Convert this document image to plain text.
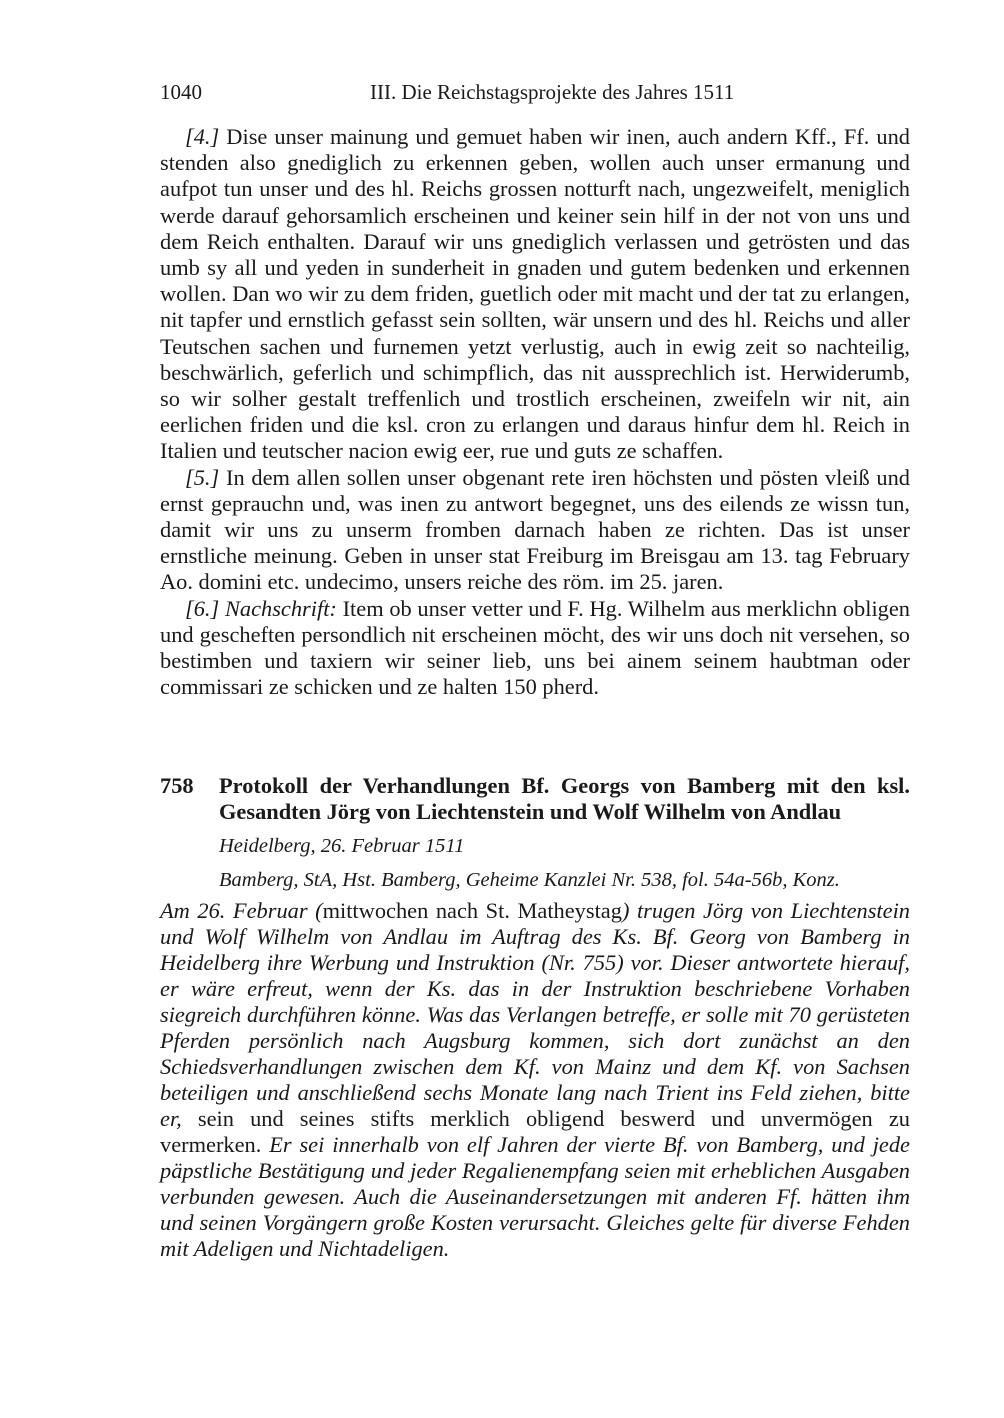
1040	III. Die Reichstagsprojekte des Jahres 1511

[4.] Dise unser mainung und gemuet haben wir inen, auch andern Kff., Ff. und stenden also gnediglich zu erkennen geben, wollen auch unser ermanung und aufpot tun unser und des hl. Reichs grossen notturft nach, ungezweifelt, meniglich werde darauf gehorsamlich erscheinen und keiner sein hilf in der not von uns und dem Reich enthalten. Darauf wir uns gnediglich verlassen und getrösten und das umb sy all und yeden in sunderheit in gnaden und gutem bedenken und erkennen wollen. Dan wo wir zu dem friden, guetlich oder mit macht und der tat zu erlangen, nit tapfer und ernstlich gefasst sein sollten, wär unsern und des hl. Reichs und aller Teutschen sachen und furnemen yetzt verlustig, auch in ewig zeit so nachteilig, beschwärlich, geferlich und schimpflich, das nit aussprechlich ist. Herwiderumb, so wir solher gestalt treffenlich und trostlich erscheinen, zweifeln wir nit, ain eerlichen friden und die ksl. cron zu erlangen und daraus hinfur dem hl. Reich in Italien und teutscher nacion ewig eer, rue und guts ze schaffen.

[5.] In dem allen sollen unser obgenant rete iren höchsten und pösten vleiß und ernst geprauchn und, was inen zu antwort begegnet, uns des eilends ze wissn tun, damit wir uns zu unserm fromben darnach haben ze richten. Das ist unser ernstliche meinung. Geben in unser stat Freiburg im Breisgau am 13. tag February Ao. domini etc. undecimo, unsers reiche des röm. im 25. jaren.

[6.] Nachschrift: Item ob unser vetter und F. Hg. Wilhelm aus merklichn obligen und gescheften persondlich nit erscheinen möcht, des wir uns doch nit versehen, so bestimben und taxiern wir seiner lieb, uns bei ainem seinem haubtman oder commissari ze schicken und ze halten 150 pherd.

758 Protokoll der Verhandlungen Bf. Georgs von Bamberg mit den ksl. Gesandten Jörg von Liechtenstein und Wolf Wilhelm von Andlau
Heidelberg, 26. Februar 1511
Bamberg, StA, Hst. Bamberg, Geheime Kanzlei Nr. 538, fol. 54a-56b, Konz.

Am 26. Februar (mittwochen nach St. Matheystag) trugen Jörg von Liechtenstein und Wolf Wilhelm von Andlau im Auftrag des Ks. Bf. Georg von Bamberg in Heidelberg ihre Werbung und Instruktion (Nr. 755) vor. Dieser antwortete hierauf, er wäre erfreut, wenn der Ks. das in der Instruktion beschriebene Vorhaben siegreich durchführen könne. Was das Verlangen betreffe, er solle mit 70 gerüsteten Pferden persönlich nach Augsburg kommen, sich dort zunächst an den Schiedsverhandlungen zwischen dem Kf. von Mainz und dem Kf. von Sachsen beteiligen und anschließend sechs Monate lang nach Trient ins Feld ziehen, bitte er, sein und seines stifts merklich obligend beswerd und unvermögen zu vermerken. Er sei innerhalb von elf Jahren der vierte Bf. von Bamberg, und jede päpstliche Bestätigung und jeder Regalienempfang seien mit erheblichen Ausgaben verbunden gewesen. Auch die Auseinandersetzungen mit anderen Ff. hätten ihm und seinen Vorgängern große Kosten verursacht. Gleiches gelte für diverse Fehden mit Adeligen und Nichtadeligen.
